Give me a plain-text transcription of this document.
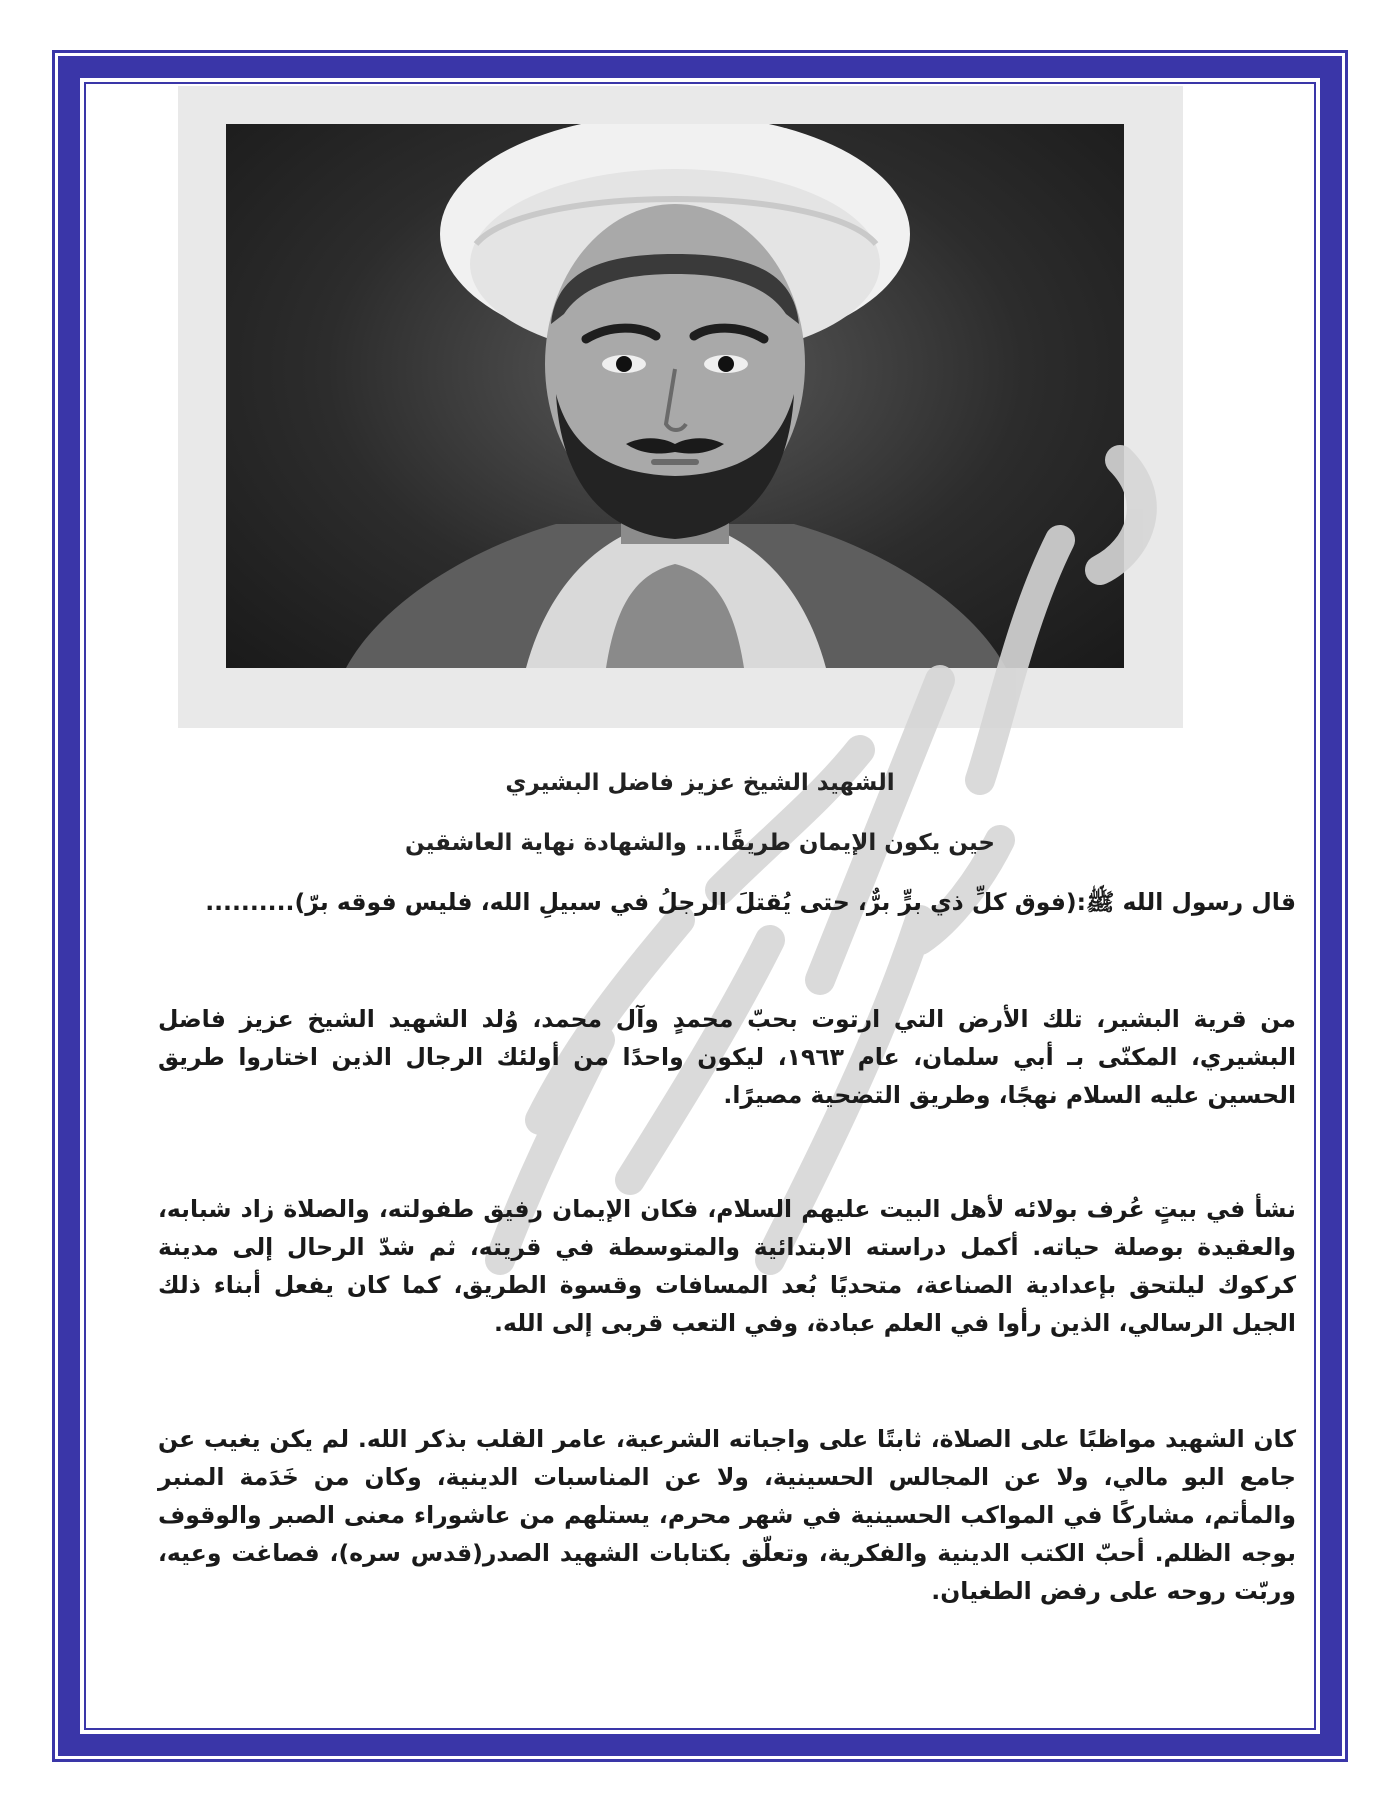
الشهيد الشيخ عزيز فاضل البشيري
حين يكون الإيمان طريقًا... والشهادة نهاية العاشقين
قال رسول الله ﷺ:(فوق كلِّ ذي برٍّ برٌّ، حتى يُقتلَ الرجلُ في سبيلِ الله، فليس فوقه برّ)..........
من قرية البشير، تلك الأرض التي ارتوت بحبّ محمدٍ وآل محمد، وُلد الشهيد الشيخ عزيز فاضل البشيري، المكنّى بـ أبي سلمان، عام ١٩٦٣، ليكون واحدًا من أولئك الرجال الذين اختاروا طريق الحسين عليه السلام نهجًا، وطريق التضحية مصيرًا.
نشأ في بيتٍ عُرف بولائه لأهل البيت عليهم السلام، فكان الإيمان رفيق طفولته، والصلاة زاد شبابه، والعقيدة بوصلة حياته. أكمل دراسته الابتدائية والمتوسطة في قريته، ثم شدّ الرحال إلى مدينة كركوك ليلتحق بإعدادية الصناعة، متحديًا بُعد المسافات وقسوة الطريق، كما كان يفعل أبناء ذلك الجيل الرسالي، الذين رأوا في العلم عبادة، وفي التعب قربى إلى الله.
كان الشهيد مواظبًا على الصلاة، ثابتًا على واجباته الشرعية، عامر القلب بذكر الله. لم يكن يغيب عن جامع البو مالي، ولا عن المجالس الحسينية، ولا عن المناسبات الدينية، وكان من خَدَمة المنبر والمأتم، مشاركًا في المواكب الحسينية في شهر محرم، يستلهم من عاشوراء معنى الصبر والوقوف بوجه الظلم. أحبّ الكتب الدينية والفكرية، وتعلّق بكتابات الشهيد الصدر(قدس سره)، فصاغت وعيه، وربّت روحه على رفض الطغيان.
